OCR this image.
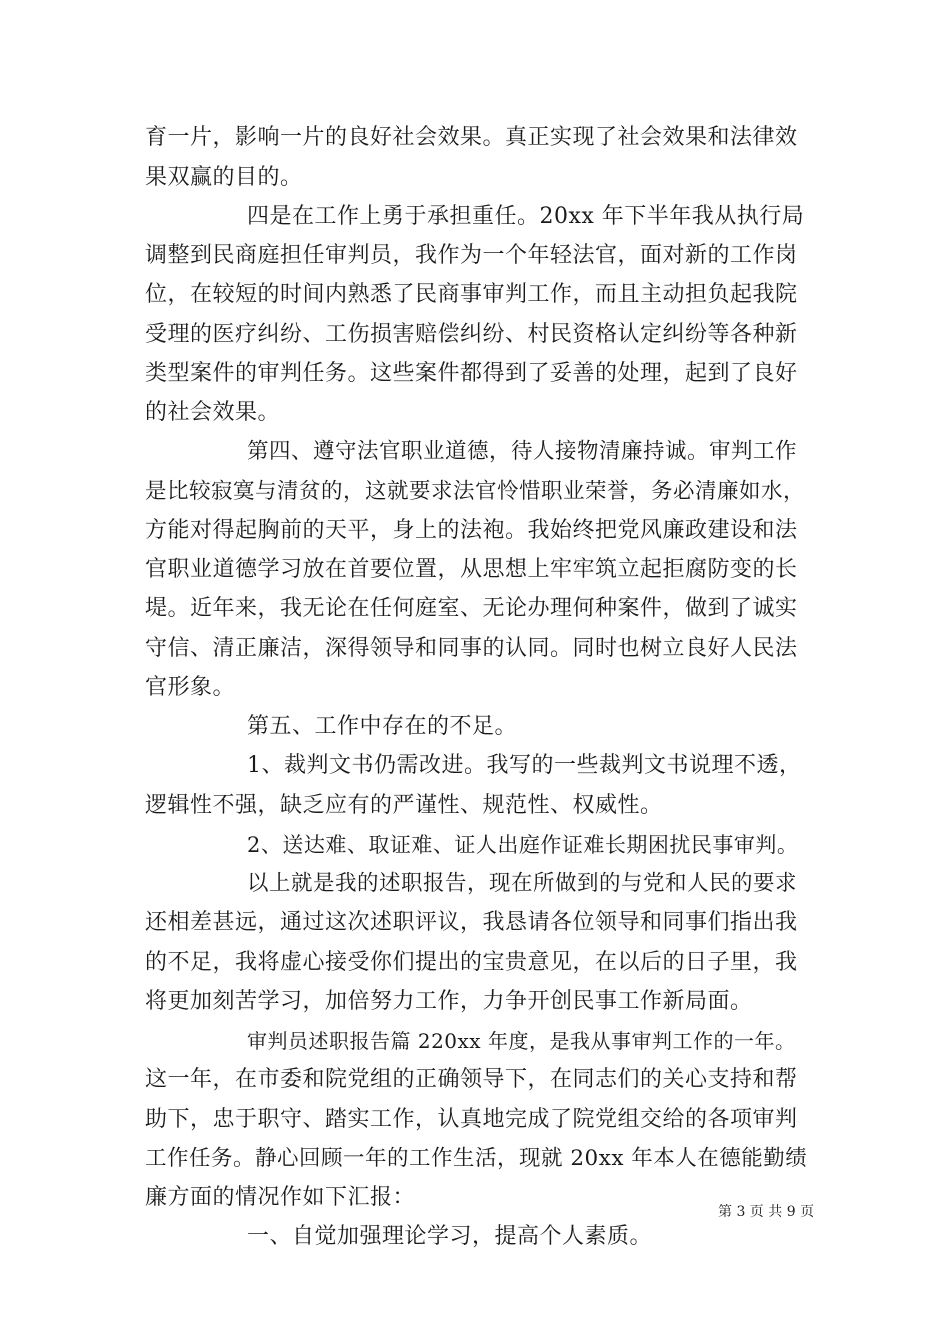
育一片，影响一片的良好社会效果。真正实现了社会效果和法律效
果双赢的目的。
四是在工作上勇于承担重任。20xx 年下半年我从执行局
调整到民商庭担任审判员，我作为一个年轻法官，面对新的工作岗
位，在较短的时间内熟悉了民商事审判工作，而且主动担负起我院
受理的医疗纠纷、工伤损害赔偿纠纷、村民资格认定纠纷等各种新
类型案件的审判任务。这些案件都得到了妥善的处理，起到了良好
的社会效果。
第四、遵守法官职业道德，待人接物清廉持诚。审判工作
是比较寂寞与清贫的，这就要求法官怜惜职业荣誉，务必清廉如水，
方能对得起胸前的天平，身上的法袍。我始终把党风廉政建设和法
官职业道德学习放在首要位置，从思想上牢牢筑立起拒腐防变的长
堤。近年来，我无论在任何庭室、无论办理何种案件，做到了诚实
守信、清正廉洁，深得领导和同事的认同。同时也树立良好人民法
官形象。
第五、工作中存在的不足。
1、裁判文书仍需改进。我写的一些裁判文书说理不透，
逻辑性不强，缺乏应有的严谨性、规范性、权威性。
2、送达难、取证难、证人出庭作证难长期困扰民事审判。
以上就是我的述职报告，现在所做到的与党和人民的要求
还相差甚远，通过这次述职评议，我恳请各位领导和同事们指出我
的不足，我将虚心接受你们提出的宝贵意见，在以后的日子里，我
将更加刻苦学习，加倍努力工作，力争开创民事工作新局面。
审判员述职报告篇 220xx 年度，是我从事审判工作的一年。
这一年，在市委和院党组的正确领导下，在同志们的关心支持和帮
助下，忠于职守、踏实工作，认真地完成了院党组交给的各项审判
工作任务。静心回顾一年的工作生活，现就 20xx 年本人在德能勤绩
廉方面的情况作如下汇报：
一、自觉加强理论学习，提高个人素质。
第 3 页 共 9 页
